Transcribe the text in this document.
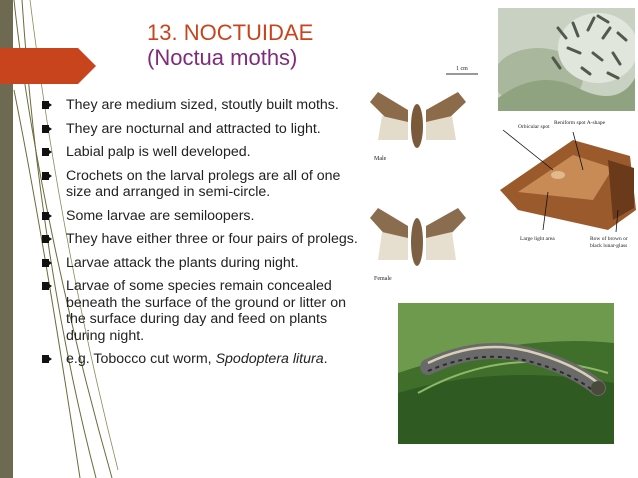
13. NOCTUIDAE
(Noctua moths)
They are medium sized, stoutly built moths.
They are nocturnal and attracted to light.
Labial palp is well developed.
Crochets on the larval prolegs are all of one size and arranged in semi-circle.
Some larvae are semiloopers.
They have either three or four pairs of prolegs.
Larvae attack the plants during night.
Larvae of some species remain concealed beneath the surface of the ground or litter on the surface during day and feed on plants during night.
e.g. Tobocco cut worm, Spodoptera litura.
1 cm
Male
Female
Orbicular spot
Reniform spot A-shape
Large light area	Row of brown or
black lunar-glass
